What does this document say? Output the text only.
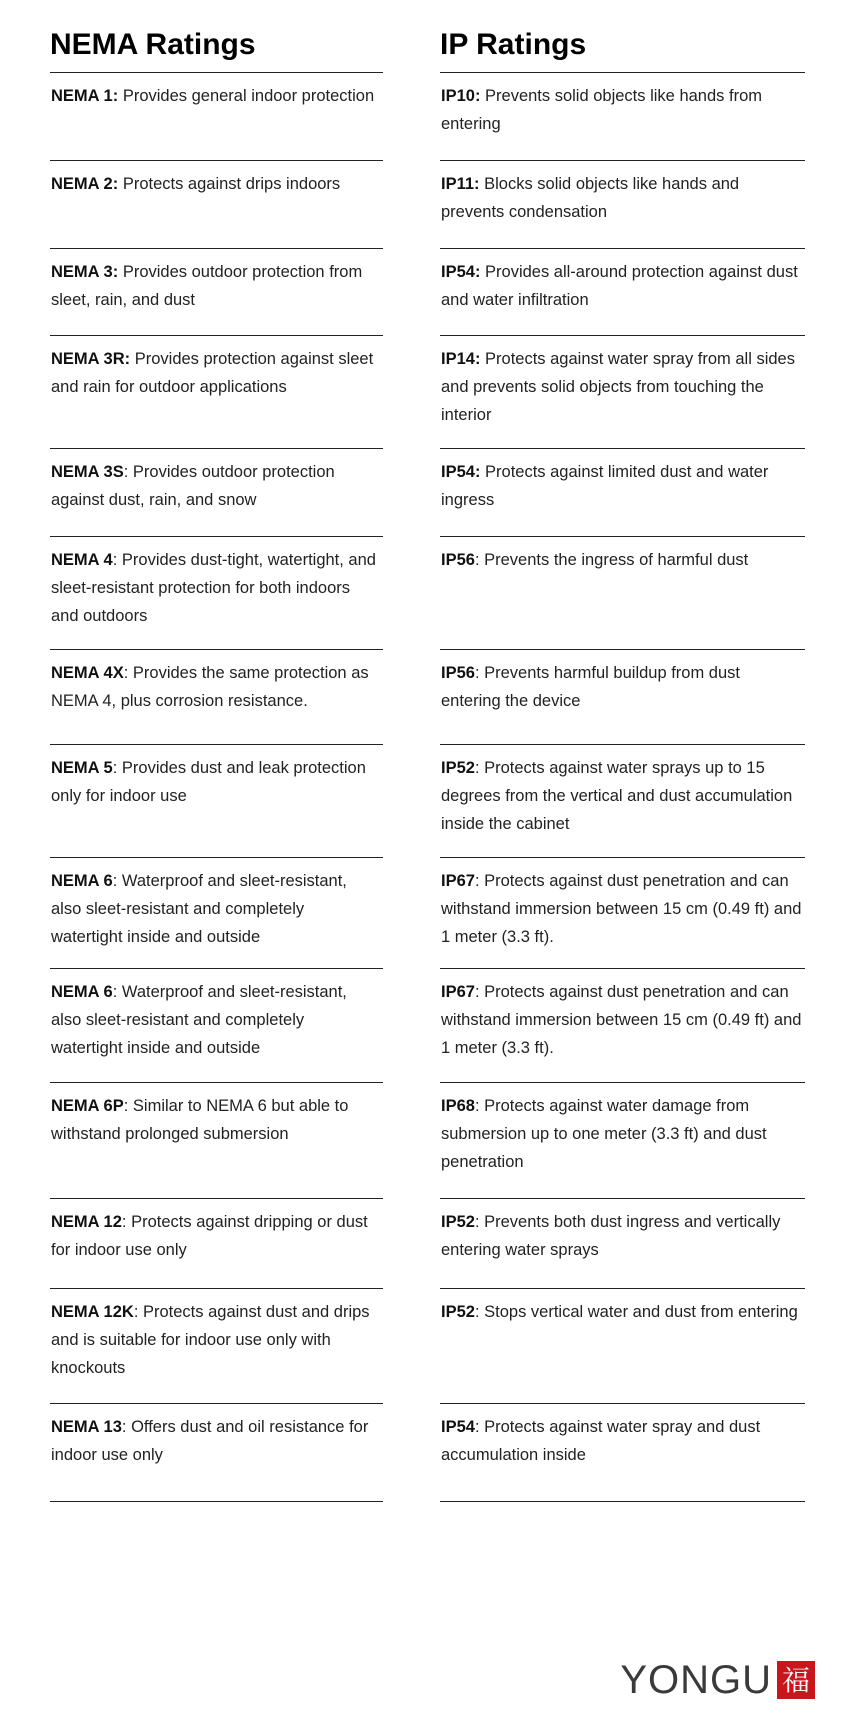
NEMA Ratings
NEMA 1: Provides general indoor protection
NEMA 2: Protects against drips indoors
NEMA 3: Provides outdoor protection from sleet, rain, and dust
NEMA 3R: Provides protection against sleet and rain for outdoor applications
NEMA 3S: Provides outdoor protection against dust, rain, and snow
NEMA 4: Provides dust-tight, watertight, and sleet-resistant protection for both indoors and outdoors
NEMA 4X: Provides the same protection as NEMA 4, plus corrosion resistance.
NEMA 5: Provides dust and leak protection only for indoor use
NEMA 6: Waterproof and sleet-resistant, also sleet-resistant and completely watertight inside and outside
NEMA 6: Waterproof and sleet-resistant, also sleet-resistant and completely watertight inside and outside
NEMA 6P: Similar to NEMA 6 but able to withstand prolonged submersion
NEMA 12: Protects against dripping or dust for indoor use only
NEMA 12K: Protects against dust and drips and is suitable for indoor use only with knockouts
NEMA 13: Offers dust and oil resistance for indoor use only
IP Ratings
IP10: Prevents solid objects like hands from entering
IP11: Blocks solid objects like hands and prevents condensation
IP54: Provides all-around protection against dust and water infiltration
IP14: Protects against water spray from all sides and prevents solid objects from touching the interior
IP54: Protects against limited dust and water ingress
IP56: Prevents the ingress of harmful dust
IP56: Prevents harmful buildup from dust entering the device
IP52: Protects against water sprays up to 15 degrees from the vertical and dust accumulation inside the cabinet
IP67: Protects against dust penetration and can withstand immersion between 15 cm (0.49 ft) and 1 meter (3.3 ft).
IP67: Protects against dust penetration and can withstand immersion between 15 cm (0.49 ft) and 1 meter (3.3 ft).
IP68: Protects against water damage from submersion up to one meter (3.3 ft) and dust penetration
IP52: Prevents both dust ingress and vertically entering water sprays
IP52: Stops vertical water and dust from entering
IP54: Protects against water spray and dust accumulation inside
YONGU 福
